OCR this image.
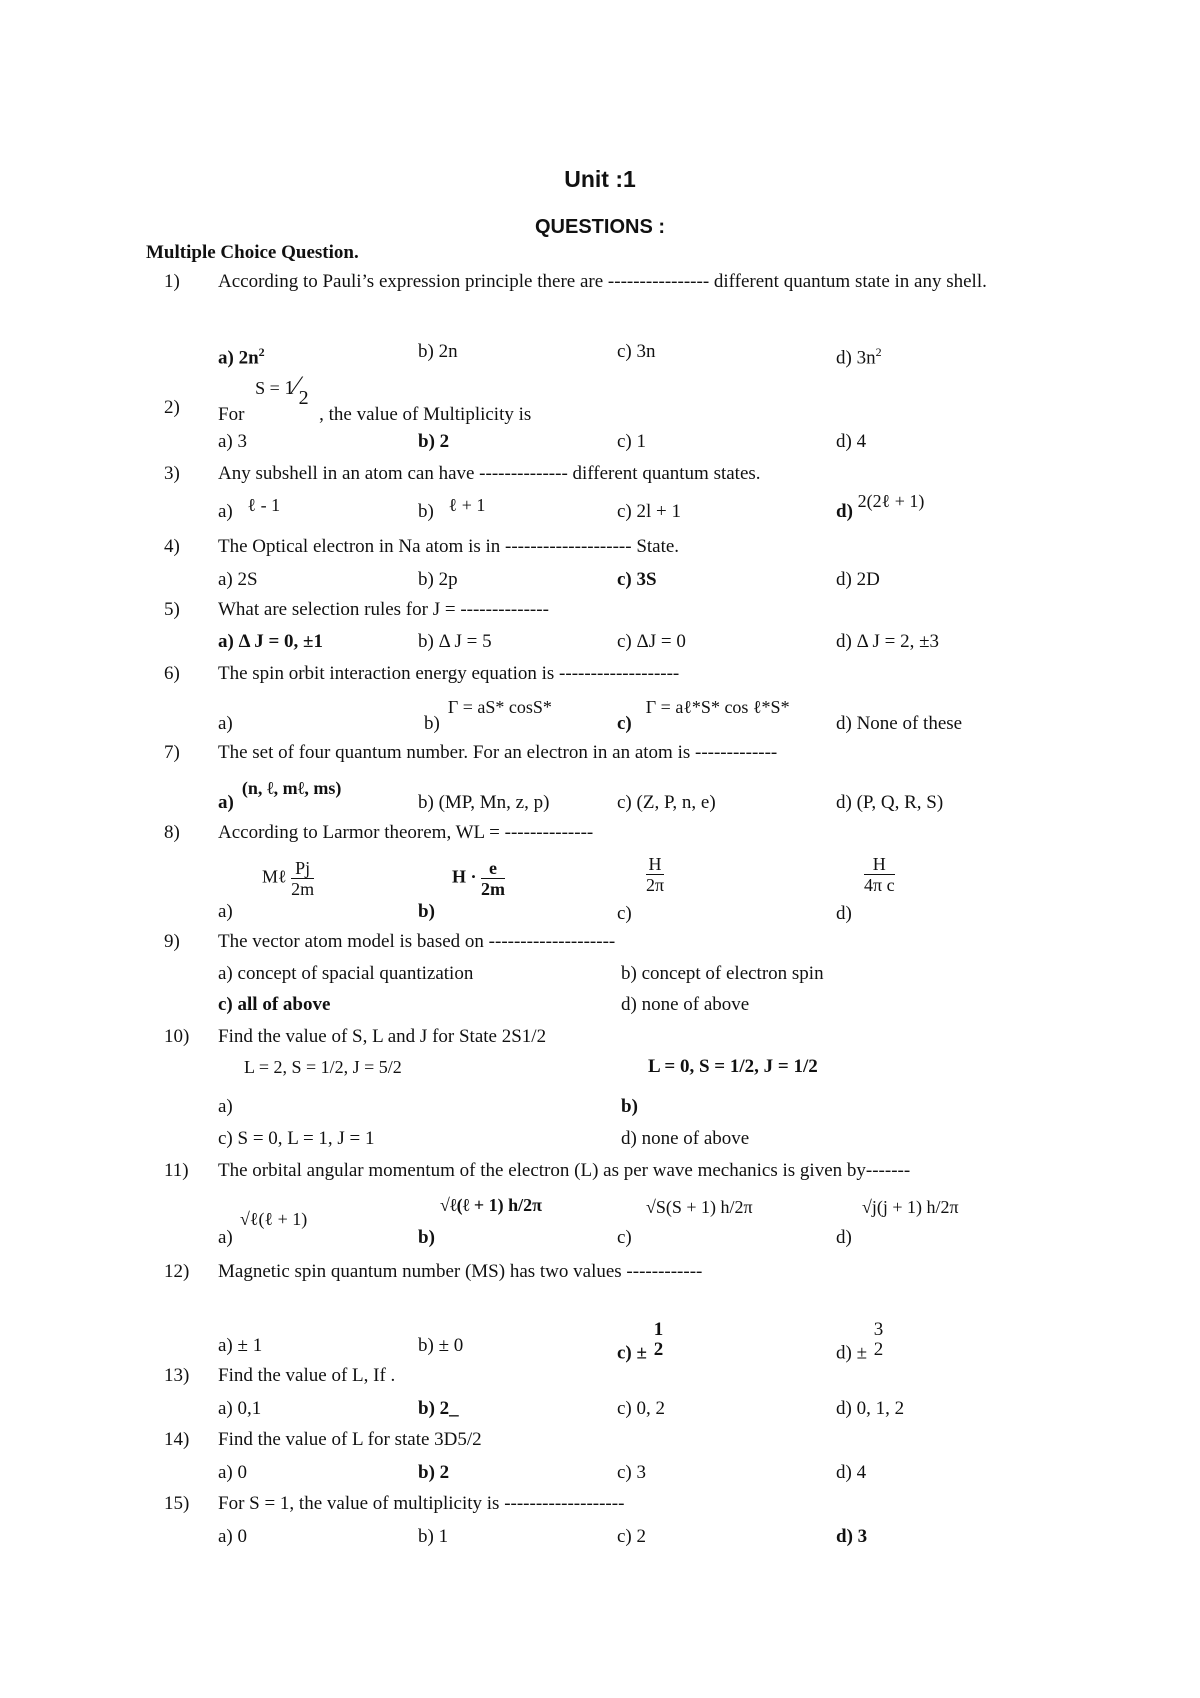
Unit :1
QUESTIONS :
Multiple Choice Question.
1) According to Pauli’s expression principle there are ---------------- different quantum state in any shell.
a) $2n^2$	b) 2n	c) 3n	d) $3n^2$
2) For
S = 1⁄2
, the value of Multiplicity is
a) 3	b) 2	c) 1	d) 4
3) Any subshell in an atom can have -------------- different quantum states.
a) ℓ - 1	b) ℓ + 1	c) 2l + 1	d) 2(2ℓ + 1)
4) The Optical electron in Na atom is in -------------------- State.
a) 2S	b) 2p	c) 3S	d) 2D
5) What are selection rules for J = --------------
a) Δ J = 0, ±1	b) Δ J = 5	c) ΔJ = 0	d) Δ J = 2, ±3
6) The spin orbit interaction energy equation is -------------------
a)	b)Γ = aS* cosS*
c)Γ = aℓ*S* cos ℓ*S*
d) None of these
7) The set of four quantum number. For an electron in an atom is -------------
a)(n, ℓ, mℓ, ms)
b) (MP, Mn, z, p)	c) (Z, P, n, e)	d) (P, Q, R, S)
8) According to Larmor theorem, WL = --------------
a)
Mℓ $\frac{Pj}{2m}$
b)
$H \cdot \frac{e}{2m}$
c)
$\frac{H}{2\pi}$
d)
$\frac{H}{\text{4π c}}$
9) The vector atom model is based on --------------------
a) concept of spacial quantization	b) concept of electron spin
c) all of above	d) none of above
10) Find the value of S, L and J for State 2S1/2
a)
L = 2, S = 1/2, J = 5/2
b)
L = 0, S = 1/2, J = 1/2
c) S = 0, L = 1, J = 1	d) none of above
11) The orbital angular momentum of the electron (L) as per wave mechanics is given by-------
a)
√ℓ(ℓ + 1)
b)
√ℓ(ℓ + 1) h/2π
c)
√S(S + 1) h/2π
d)
√j(j + 1) h/2π
12) Magnetic spin quantum number (MS) has two values ------------
a) ± 1	b) ± 0	c) ±
1
2	d) ±
3
2
13) Find the value of L, If .
a) 0,1	b) 2_	c) 0, 2	d) 0, 1, 2
14) Find the value of L for state 3D5/2
a) 0	b) 2	c) 3	d) 4
15) For S = 1, the value of multiplicity is -------------------
a) 0	b) 1	c) 2	d) 3
